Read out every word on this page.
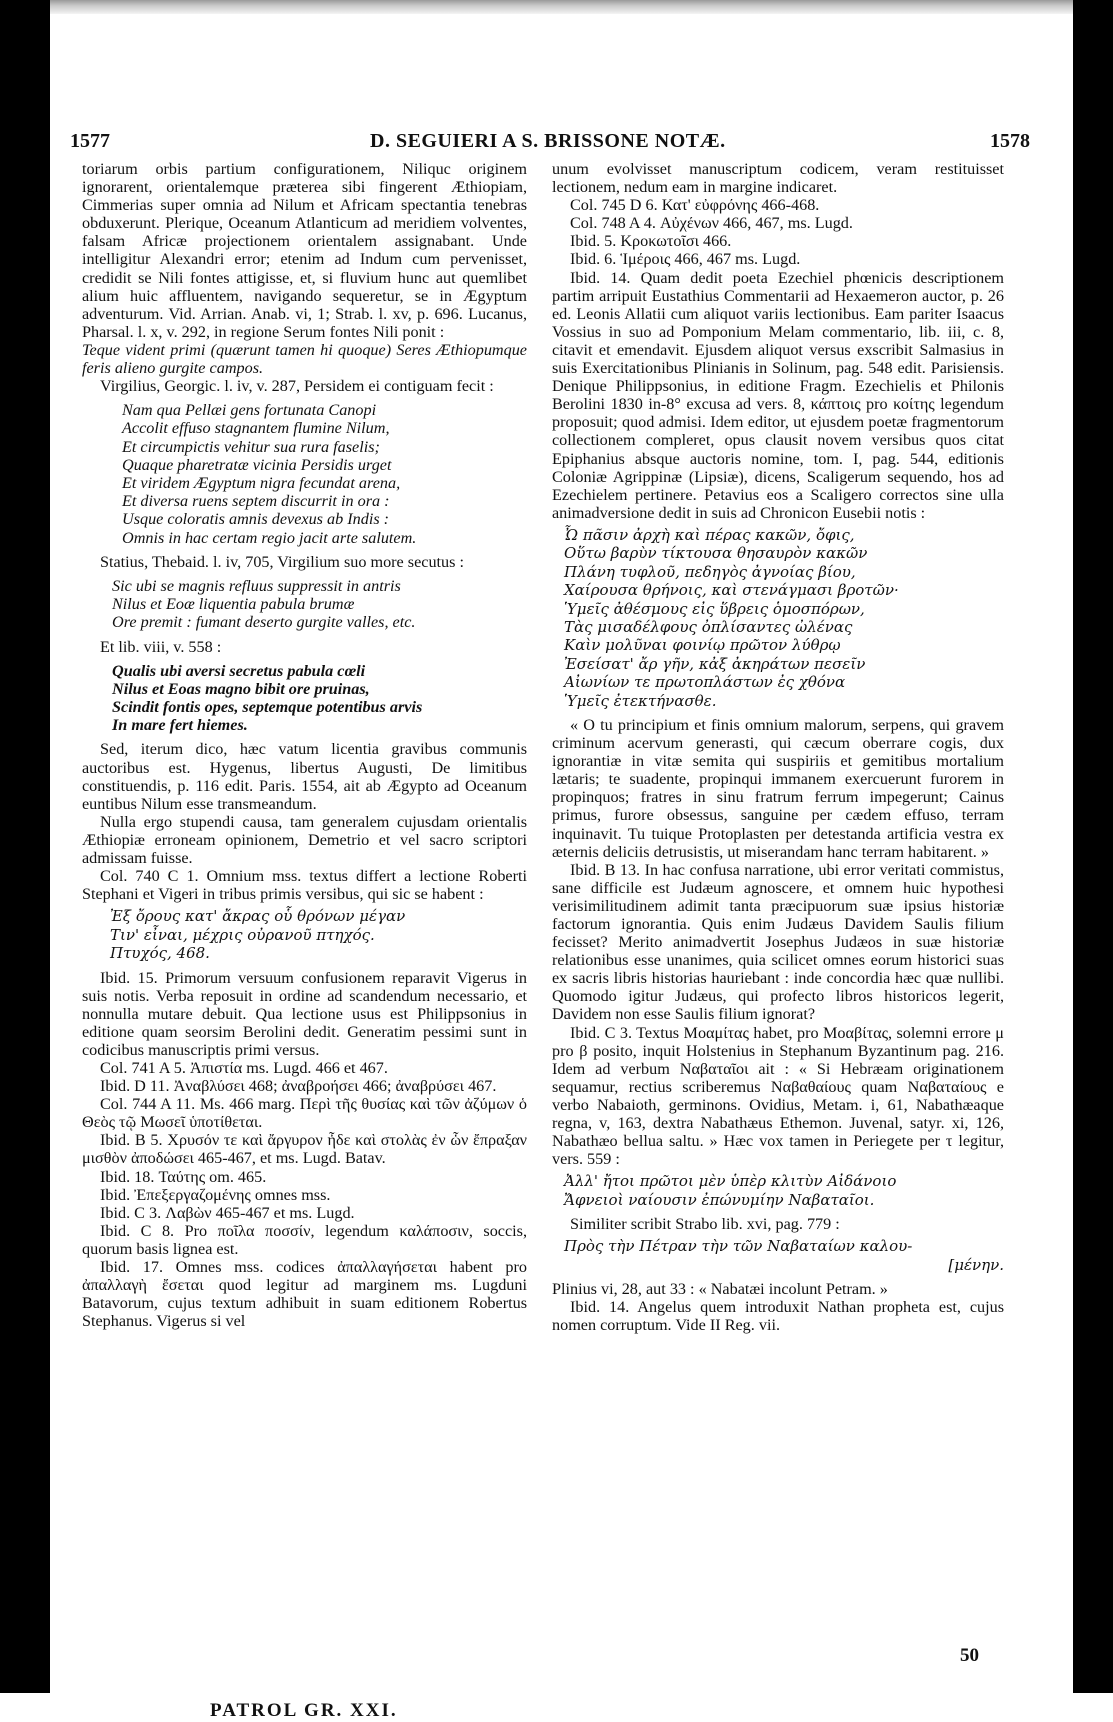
1577	D. SEGUIERI A S. BRISSONE NOTÆ.	1578

toriarum orbis partium configurationem, Niliquc originem ignorarent, orientalemque præterea sibi fingerent Æthiopiam, Cimmerias super omnia ad Nilum et Africam spectantia tenebras obduxerunt. Plerique, Oceanum Atlanticum ad meridiem volventes, falsam Africæ projectionem orientalem assignabant. Unde intelligitur Alexandri error; etenim ad Indum cum pervenisset, credidit se Nili fontes attigisse, et, si fluvium hunc aut quemlibet alium huic affluentem, navigando sequeretur, se in Ægyptum adventurum. Vid. Arrian. Anab. vi, 1; Strab. l. xv, p. 696. Lucanus, Pharsal. l. x, v. 292, in regione Serum fontes Nili ponit :

Teque vident primi (quærunt tamen hi quoque) Seres Æthiopumque feris alieno gurgite campos.

Virgilius, Georgic. l. iv, v. 287, Persidem ei contiguam fecit :

Nam qua Pellæi gens fortunata Canopi
Accolit effuso stagnantem flumine Nilum,
Et circumpictis vehitur sua rura faselis;
Quaque pharetratæ vicinia Persidis urget
Et viridem Ægyptum nigra fecundat arena,
Et diversa ruens septem discurrit in ora :
Usque coloratis amnis devexus ab Indis :
Omnis in hac certam regio jacit arte salutem.

Statius, Thebaid. l. iv, 705, Virgilium suo more secutus :

Sic ubi se magnis refluus suppressit in antris
Nilus et Eoæ liquentia pabula brumæ
Ore premit : fumant deserto gurgite valles, etc.

Et lib. viii, v. 558 :

Qualis ubi aversi secretus pabula cœli
Nilus et Eoas magno bibit ore pruinas,
Scindit fontis opes, septemque potentibus arvis
In mare fert hiemes.

Sed, iterum dico, hæc vatum licentia gravibus communis auctoribus est. Hygenus, libertus Augusti, De limitibus constituendis, p. 116 edit. Paris. 1554, ait ab Ægypto ad Oceanum euntibus Nilum esse transmeandum.

Nulla ergo stupendi causa, tam generalem cujusdam orientalis Æthiopiæ erroneam opinionem, Demetrio et vel sacro scriptori admissam fuisse.

Col. 740 C 1. Omnium mss. textus differt a lectione Roberti Stephani et Vigeri in tribus primis versibus, qui sic se habent :

Ἐξ ὄρους κατ' ἄκρας οὗ θρόνων μέγαν
Τιν' εἶναι, μέχρις οὐρανοῦ πτηχός.
Πτυχός, 468.

Ibid. 15. Primorum versuum confusionem reparavit Vigerus in suis notis. Verba reposuit in ordine ad scandendum necessario, et nonnulla mutare debuit. Qua lectione usus est Philippsonius in editione quam seorsim Berolini dedit. Generatim pessimi sunt in codicibus manuscriptis primi versus.

Col. 741 A 5. Ἀπιστία ms. Lugd. 466 et 467.

Ibid. D 11. Ἀναβλύσει 468; ἀναβροήσει 466; ἀναβρύσει 467.

Col. 744 A 11. Ms. 466 marg. Περὶ τῆς θυσίας καὶ τῶν ἀζύμων ὁ Θεὸς τῷ Μωσεῖ ὑποτίθεται.

Ibid. B 5. Χρυσόν τε καὶ ἄργυρον ἦδε καὶ στολὰς ἐν ὧν ἔπραξαν μισθὸν ἀποδώσει 465-467, et ms. Lugd. Batav.

Ibid. 18. Ταύτης om. 465.

Ibid. Ἐπεξεργαζομένης omnes mss.

Ibid. C 3. Λαβὼν 465-467 et ms. Lugd.

Ibid. C 8. Pro ποῖλα ποσσίν, legendum καλάποσιν, soccis, quorum basis lignea est.

Ibid. 17. Omnes mss. codices ἀπαλλαγήσεται habent pro ἀπαλλαγὴ ἔσεται quod legitur ad marginem ms. Lugduni Batavorum, cujus textum adhibuit in suam editionem Robertus Stephanus. Vigerus si vel

unum evolvisset manuscriptum codicem, veram restituisset lectionem, nedum eam in margine indicaret.

Col. 745 D 6. Κατ' εὐφρόνης 466-468.

Col. 748 A 4. Αὐχένων 466, 467, ms. Lugd.

Ibid. 5. Κροκωτοῖσι 466.

Ibid. 6. Ἱμέροις 466, 467 ms. Lugd.

Ibid. 14. Quam dedit poeta Ezechiel phœnicis descriptionem partim arripuit Eustathius Commentarii ad Hexaemeron auctor, p. 26 ed. Leonis Allatii cum aliquot variis lectionibus. Eam pariter Isaacus Vossius in suo ad Pomponium Melam commentario, lib. iii, c. 8, citavit et emendavit. Ejusdem aliquot versus exscribit Salmasius in suis Exercitationibus Plinianis in Solinum, pag. 548 edit. Parisiensis. Denique Philippsonius, in editione Fragm. Ezechielis et Philonis Berolini 1830 in-8° excusa ad vers. 8, κάπτοις pro κοίτης legendum proposuit; quod admisi. Idem editor, ut ejusdem poetæ fragmentorum collectionem compleret, opus clausit novem versibus quos citat Epiphanius absque auctoris nomine, tom. I, pag. 544, editionis Coloniæ Agrippinæ (Lipsiæ), dicens, Scaligerum sequendo, hos ad Ezechielem pertinere. Petavius eos a Scaligero correctos sine ulla animadversione dedit in suis ad Chronicon Eusebii notis :

Ὦ πᾶσιν ἀρχὴ καὶ πέρας κακῶν, ὄφις,
Οὕτω βαρὺν τίκτουσα θησαυρὸν κακῶν
Πλάνη τυφλοῦ, πεδηγὸς ἀγνοίας βίου,
Χαίρουσα θρήνοις, καὶ στενάγμασι βροτῶν·
Ὑμεῖς ἀθέσμους εἰς ὕβρεις ὁμοσπόρων,
Τὰς μισαδέλφους ὀπλίσαντες ὠλένας
Καὶν μολῦναι φοινίῳ πρῶτον λύθρῳ
Ἐσείσατ' ἄρ γῆν, κἀξ ἀκηράτων πεσεῖν
Αἰωνίων τε πρωτοπλάστων ἐς χθόνα
Ὑμεῖς ἐτεκτήνασθε.

« O tu principium et finis omnium malorum, serpens, qui gravem criminum acervum generasti, qui cæcum oberrare cogis, dux ignorantiæ in vitæ semita qui suspiriis et gemitibus mortalium lætaris; te suadente, propinqui immanem exercuerunt furorem in propinquos; fratres in sinu fratrum ferrum impegerunt; Cainus primus, furore obsessus, sanguine per cædem effuso, terram inquinavit. Tu tuique Protoplasten per detestanda artificia vestra ex æternis deliciis detrusistis, ut miserandam hanc terram habitarent. »

Ibid. B 13. In hac confusa narratione, ubi error veritati commistus, sane difficile est Judæum agnoscere, et omnem huic hypothesi verisimilitudinem adimit tanta præcipuorum suæ ipsius historiæ factorum ignorantia. Quis enim Judæus Davidem Saulis filium fecisset? Merito animadvertit Josephus Judæos in suæ historiæ relationibus esse unanimes, quia scilicet omnes eorum historici suas ex sacris libris historias hauriebant : inde concordia hæc quæ nullibi. Quomodo igitur Judæus, qui profecto libros historicos legerit, Davidem non esse Saulis filium ignorat?

Ibid. C 3. Textus Μοαμίτας habet, pro Μοαβίτας, solemni errore μ pro β posito, inquit Holstenius in Stephanum Byzantinum pag. 216. Idem ad verbum Ναβαταῖοι ait : « Si Hebræam originationem sequamur, rectius scriberemus Ναβαθαίους quam Ναβαταίους e verbo Nabaioth, germinons. Ovidius, Metam. i, 61, Nabathæaque regna, v, 163, dextra Nabathæus Ethemon. Juvenal, satyr. xi, 126, Nabathæo bellua saltu. » Hæc vox tamen in Periegete per τ legitur, vers. 559 :

Ἀλλ' ἤτοι πρῶτοι μὲν ὑπὲρ κλιτὺν Αἰδάνοιο
Ἄφνειοὶ ναίουσιν ἐπώνυμίην Ναβαταῖοι.

Similiter scribit Strabo lib. xvi, pag. 779 :

Πρὸς τὴν Πέτραν τὴν τῶν Ναβαταίων καλου-
[μένην.

Plinius vi, 28, aut 33 : « Nabatæi incolunt Petram. »

Ibid. 14. Angelus quem introduxit Nathan propheta est, cujus nomen corruptum. Vide II Reg. vii.

50
PATROL GR. XXI.
